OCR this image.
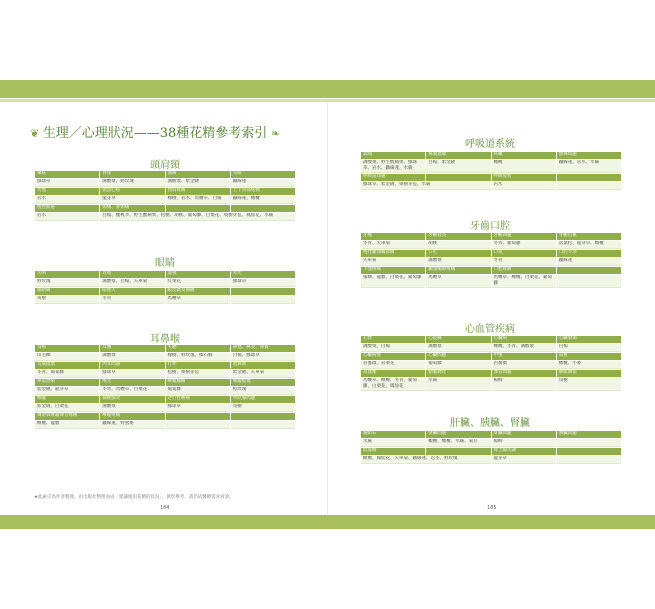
❦ 生理／心理狀況——38種花精參考索引 ❧
頭肩頸
暈眩	昏迷	頭痛	失眠
綠球草	溝酸漿、野玫瑰	溝酸漿、紫金鏈	鐵線蓮
失憶	頭頂心疼	頸肩疼痛	上下背部疼痛
岩水	龍芽草	橡樹、岩水、馬鞭草、白楊	鐵線蓮、橄欖
慢性疲倦	頭痛、脖頸痛		
岩水	白楊、櫻桃李、野生酸蘋果、松樹、胡桃、葡萄藤、白栗花、栗樹芽苞、鳳仙花、水蕨		
眼睛
失明	近視	遠視	青光
野玫瑰	溝酸漿、白楊、矢車菊	紅栗花	綠球草
眼睛痛	眼壓大	眼皮跳及抽搐	
角樹	冬青	馬鞭草	
耳鼻喉
耳鳴	耳聾	失聰	鼻塞、鼻炎、鼻竇
山毛櫸	溝酸漿	橡樹、野玫瑰、榛石楠	白楊、綠球草
耳屎阻塞	內耳問題	打呼	流鼻血
冬青、葡萄藤	綠球草	松樹、栗樹芽苞	紫金鏈、矢車菊
鼻道感染	喉炎	喉嚨腫痛	喉嚨燒傷
紫金鏈、龍芽草	冬青、馬鞭草、白栗花	葡萄藤	野玫瑰
喉嚨	扁桃腺炎	逆行性喉痛	甲狀腺問題
紫金鏈、白栗花	溝酸漿	綠球草	角樹
聲帶與喉嚨聲音疼痛	喉嚨疼痛		
橄欖、龍膽	鐵線蓮、野燕麥		
呼吸道系統
氣喘	鼻竇過敏	咳嗽	無聲問題
溝酸漿、野生酸蘋果、綠球草、岩水、鐵線蓮、水蕨	白楊、紫金鏈	橄欖	鐵線蓮、岩水、水蕨
呼吸道問題		呼吸短暫	
綠球草、紫金鏈、栗樹芽苞、水蕨		岩水	
牙齒口腔
牙痛	牙齦發炎	牙齦問題	牙齦出血
冬青、矢車菊	胡桃	冬青、葡萄藤	落葉松、龍芽草、橄欖
慢性顳顎關節痛	口吃	口臭	口腔不淨
矢車菊	溝酸漿	冬青	鐵線蓮
下顎疼痛	顳顎關節疼痛	口腔疼痛	
楊柳、龍膽、白栗花、葡萄藤	馬鞭草	馬鞭草、橄欖、白栗花、葡萄藤	
心血管疾病
心悸	心絞痛	心臟病	心臟衰竭
溝酸漿、白楊	溝酸漿	橄欖、冬青、溝酸漿	白楊
心臟病發	心臟問題	中風	貧血
岩薔薇、岩栗花	葡萄藤	岩薔薇	橄欖、小麥
高血壓	動脈硬化	血管問題	靜脈曲張
馬鞭草、橄欖、冬青、葡萄藤、白栗花、鳳仙花	水蕨	楊柳	角樹
肝臟、胰臟、腎臟
腸結石	腎臟問題	肝臟問題	胰臟問題
水蕨	橄欖、橄欖、水蕨、菊苣	楊柳	
低血糖		腎上腺失調	
橄欖、鳳仙花、矢車菊、鐵線蓮、忍冬、野玫瑰		龍芽草	
★此索引為作者整理，由出版社整理而成「建議使用花精的狀況」，供您參考，請仍依醫療需求看診。
184	185
